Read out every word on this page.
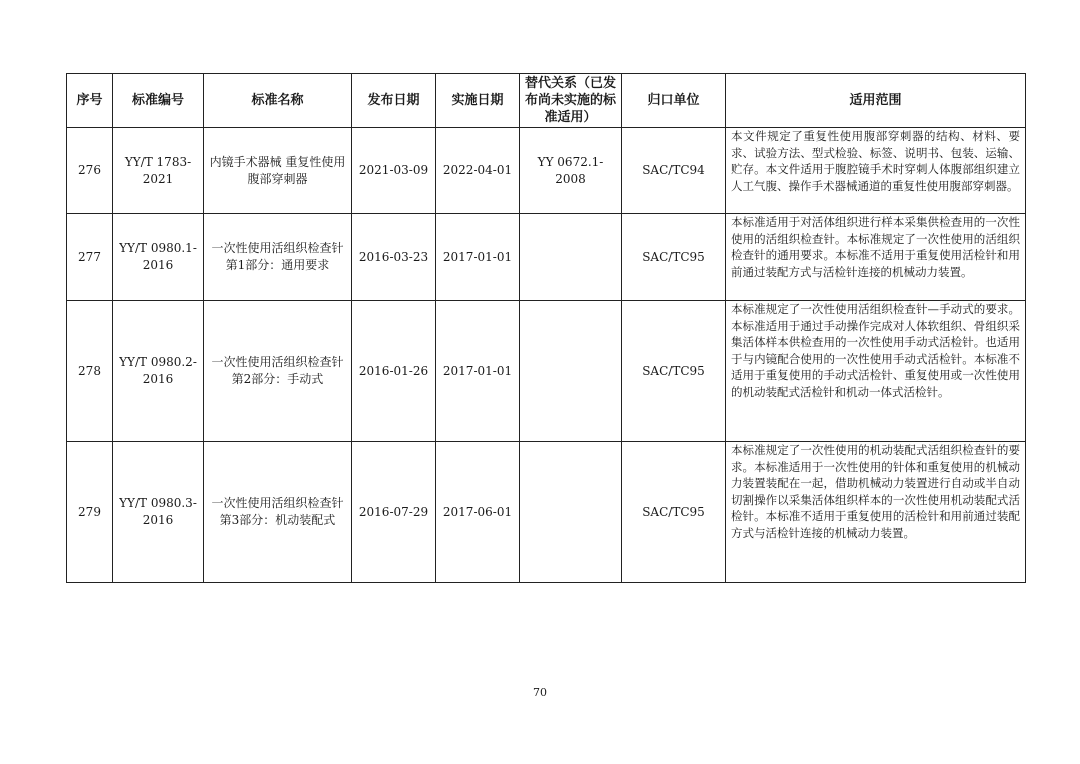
序号	标准编号	标准名称	发布日期	实施日期	替代关系（已发布尚未实施的标准适用）	归口单位	适用范围
276	YY/T 1783-2021	内镜手术器械 重复性使用腹部穿刺器	2021-03-09	2022-04-01	YY 0672.1-2008	SAC/TC94	本文件规定了重复性使用腹部穿刺器的结构、材料、要求、试验方法、型式检验、标签、说明书、包装、运输、贮存。本文件适用于腹腔镜手术时穿刺人体腹部组织建立人工气腹、操作手术器械通道的重复性使用腹部穿刺器。
277	YY/T 0980.1-2016	一次性使用活组织检查针 第1部分：通用要求	2016-03-23	2017-01-01		SAC/TC95	本标准适用于对活体组织进行样本采集供检查用的一次性使用的活组织检查针。本标准规定了一次性使用的活组织检查针的通用要求。本标准不适用于重复使用活检针和用前通过装配方式与活检针连接的机械动力装置。
278	YY/T 0980.2-2016	一次性使用活组织检查针 第2部分：手动式	2016-01-26	2017-01-01		SAC/TC95	本标准规定了一次性使用活组织检查针—手动式的要求。本标准适用于通过手动操作完成对人体软组织、骨组织采集活体样本供检查用的一次性使用手动式活检针。也适用于与内镜配合使用的一次性使用手动式活检针。本标准不适用于重复使用的手动式活检针、重复使用或一次性使用的机动装配式活检针和机动一体式活检针。
279	YY/T 0980.3-2016	一次性使用活组织检查针 第3部分：机动装配式	2016-07-29	2017-06-01		SAC/TC95	本标准规定了一次性使用的机动装配式活组织检查针的要求。本标准适用于一次性使用的针体和重复使用的机械动力装置装配在一起，借助机械动力装置进行自动或半自动切割操作以采集活体组织样本的一次性使用机动装配式活检针。本标准不适用于重复使用的活检针和用前通过装配方式与活检针连接的机械动力装置。
70
